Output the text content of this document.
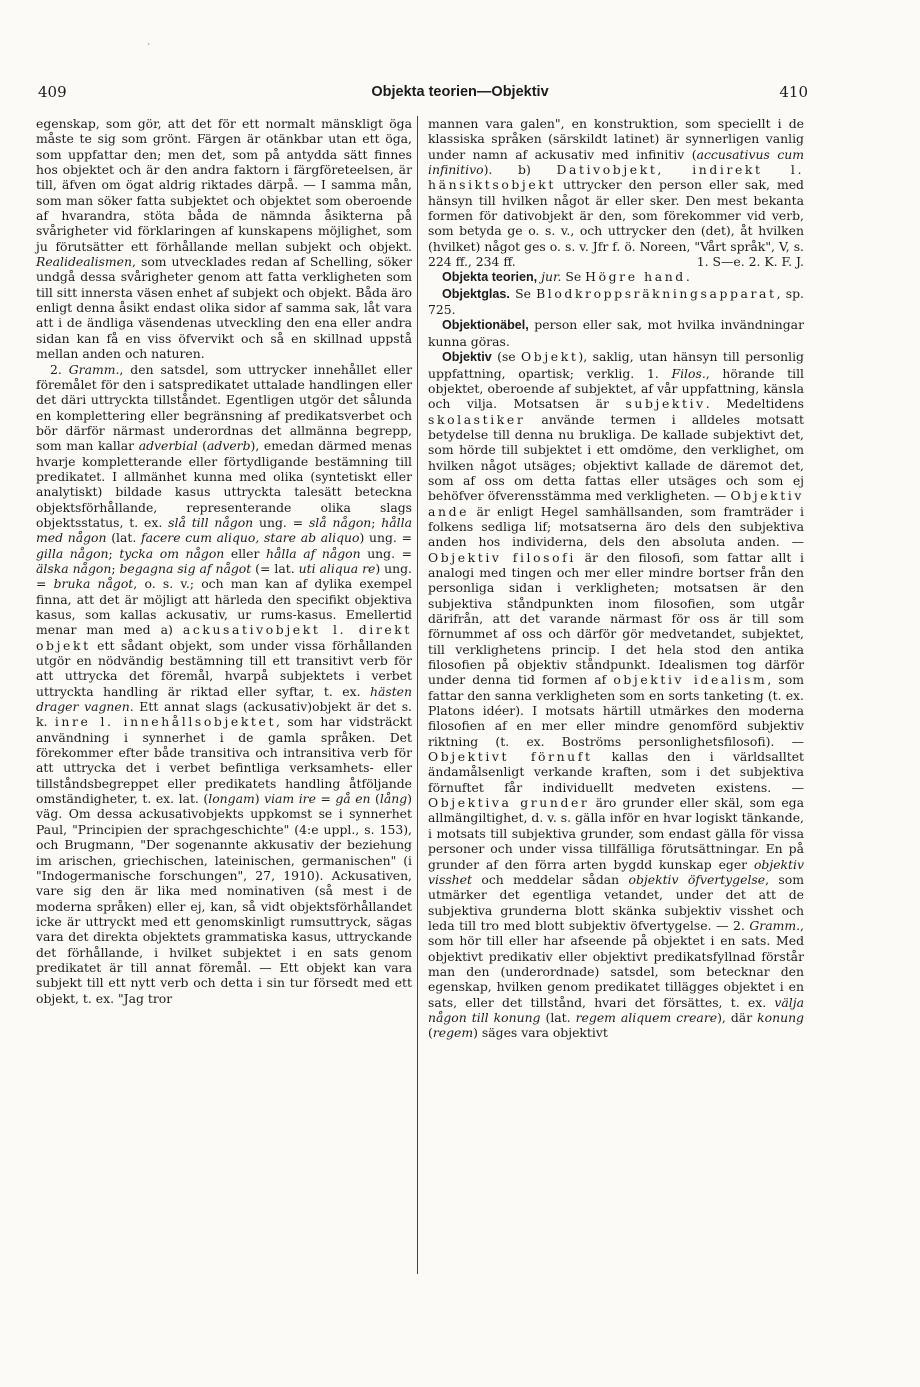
´
409	Objekta teorien—Objektiv	410

egenskap, som gör, att det för ett normalt mänskligt öga måste te sig som grönt. Färgen är otänkbar utan ett öga, som uppfattar den; men det, som på antydda sätt finnes hos objektet och är den andra faktorn i färgföreteelsen, är till, äfven om ögat aldrig riktades därpå. — I samma mån, som man söker fatta subjektet och objektet som oberoende af hvarandra, stöta båda de nämnda åsikterna på svårigheter vid förklaringen af kunskapens möjlighet, som ju förutsätter ett förhållande mellan subjekt och objekt. Realidealismen, som utvecklades redan af Schelling, söker undgå dessa svårigheter genom att fatta verkligheten som till sitt innersta väsen enhet af subjekt och objekt. Båda äro enligt denna åsikt endast olika sidor af samma sak, låt vara att i de ändliga väsendenas utveckling den ena eller andra sidan kan få en viss öfvervikt och så en skillnad uppstå mellan anden och naturen.

2. Gramm., den satsdel, som uttrycker innehållet eller föremålet för den i satspredikatet uttalade handlingen eller det däri uttryckta tillståndet. Egentligen utgör det sålunda en komplettering eller begränsning af predikatsverbet och bör därför närmast underordnas det allmänna begrepp, som man kallar adverbial (adverb), emedan därmed menas hvarje kompletterande eller förtydligande bestämning till predikatet. I allmänhet kunna med olika (syntetiskt eller analytiskt) bildade kasus uttryckta talesätt beteckna objektsförhållande, representerande olika slags objektsstatus, t. ex. slå till någon ung. = slå någon; hålla med någon (lat. facere cum aliquo, stare ab aliquo) ung. = gilla någon; tycka om någon eller hålla af någon ung. = älska någon; begagna sig af något (= lat. uti aliqua re) ung. = bruka något, o. s. v.; och man kan af dylika exempel finna, att det är möjligt att härleda den specifikt objektiva kasus, som kallas ackusativ, ur rums-kasus. Emellertid menar man med a) ackusativobjekt l. direkt objekt ett sådant objekt, som under vissa förhållanden utgör en nödvändig bestämning till ett transitivt verb för att uttrycka det föremål, hvarpå subjektets i verbet uttryckta handling är riktad eller syftar, t. ex. hästen drager vagnen. Ett annat slags (ackusativ)objekt är det s. k. inre l. innehållsobjektet, som har vidsträckt användning i synnerhet i de gamla språken. Det förekommer efter både transitiva och intransitiva verb för att uttrycka det i verbet befintliga verksamhets- eller tillståndsbegreppet eller predikatets handling åtföljande omständigheter, t. ex. lat. (longam) viam ire = gå en (lång) väg. Om dessa ackusativobjekts uppkomst se i synnerhet Paul, "Principien der sprachgeschichte" (4:e uppl., s. 153), och Brugmann, "Der sogenannte akkusativ der beziehung im arischen, griechischen, lateinischen, germanischen" (i "Indogermanische forschungen", 27, 1910). Ackusativen, vare sig den är lika med nominativen (så mest i de moderna språken) eller ej, kan, så vidt objektsförhållandet icke är uttryckt med ett genomskinligt rumsuttryck, sägas vara det direkta objektets grammatiska kasus, uttryckande det förhållande, i hvilket subjektet i en sats genom predikatet är till annat föremål. — Ett objekt kan vara subjekt till ett nytt verb och detta i sin tur försedt med ett objekt, t. ex. "Jag tror

mannen vara galen", en konstruktion, som speciellt i de klassiska språken (särskildt latinet) är synnerligen vanlig under namn af ackusativ med infinitiv (accusativus cum infinitivo). b) Dativobjekt, indirekt l. hänsiktsobjekt uttrycker den person eller sak, med hänsyn till hvilken något är eller sker. Den mest bekanta formen för dativobjekt är den, som förekommer vid verb, som betyda ge o. s. v., och uttrycker den (det), åt hvilken (hvilket) något ges o. s. v. Jfr f. ö. Noreen, "Vårt språk", V, s. 224 ff., 234 ff.	1. S—e. 2. K. F. J.

Objekta teorien, jur. Se Högre hand.

Objektglas. Se Blodkroppsräkningsapparat, sp. 725.

Objektionäbel, person eller sak, mot hvilka invändningar kunna göras.

Objektiv (se Objekt), saklig, utan hänsyn till personlig uppfattning, opartisk; verklig. 1. Filos., hörande till objektet, oberoende af subjektet, af vår uppfattning, känsla och vilja. Motsatsen är subjektiv. Medeltidens skolastiker använde termen i alldeles motsatt betydelse till denna nu brukliga. De kallade subjektivt det, som hörde till subjektet i ett omdöme, den verklighet, om hvilken något utsäges; objektivt kallade de däremot det, som af oss om detta fattas eller utsäges och som ej behöfver öfverensstämma med verkligheten. — Objektiv ande är enligt Hegel samhällsanden, som framträder i folkens sedliga lif; motsatserna äro dels den subjektiva anden hos individerna, dels den absoluta anden. — Objektiv filosofi är den filosofi, som fattar allt i analogi med tingen och mer eller mindre bortser från den personliga sidan i verkligheten; motsatsen är den subjektiva ståndpunkten inom filosofien, som utgår därifrån, att det varande närmast för oss är till som förnummet af oss och därför gör medvetandet, subjektet, till verklighetens princip. I det hela stod den antika filosofien på objektiv ståndpunkt. Idealismen tog därför under denna tid formen af objektiv idealism, som fattar den sanna verkligheten som en sorts tanketing (t. ex. Platons idéer). I motsats härtill utmärkes den moderna filosofien af en mer eller mindre genomförd subjektiv riktning (t. ex. Boströms personlighetsfilosofi). — Objektivt förnuft kallas den i världsalltet ändamålsenligt verkande kraften, som i det subjektiva förnuftet får individuellt medveten existens. — Objektiva grunder äro grunder eller skäl, som ega allmängiltighet, d. v. s. gälla inför en hvar logiskt tänkande, i motsats till subjektiva grunder, som endast gälla för vissa personer och under vissa tillfälliga förutsättningar. En på grunder af den förra arten bygdd kunskap eger objektiv visshet och meddelar sådan objektiv öfvertygelse, som utmärker det egentliga vetandet, under det att de subjektiva grunderna blott skänka subjektiv visshet och leda till tro med blott subjektiv öfvertygelse. — 2. Gramm., som hör till eller har afseende på objektet i en sats. Med objektivt predikativ eller objektivt predikatsfyllnad förstår man den (underordnade) satsdel, som betecknar den egenskap, hvilken genom predikatet tillägges objektet i en sats, eller det tillstånd, hvari det försättes, t. ex. välja någon till konung (lat. regem aliquem creare), där konung (regem) säges vara objektivt
